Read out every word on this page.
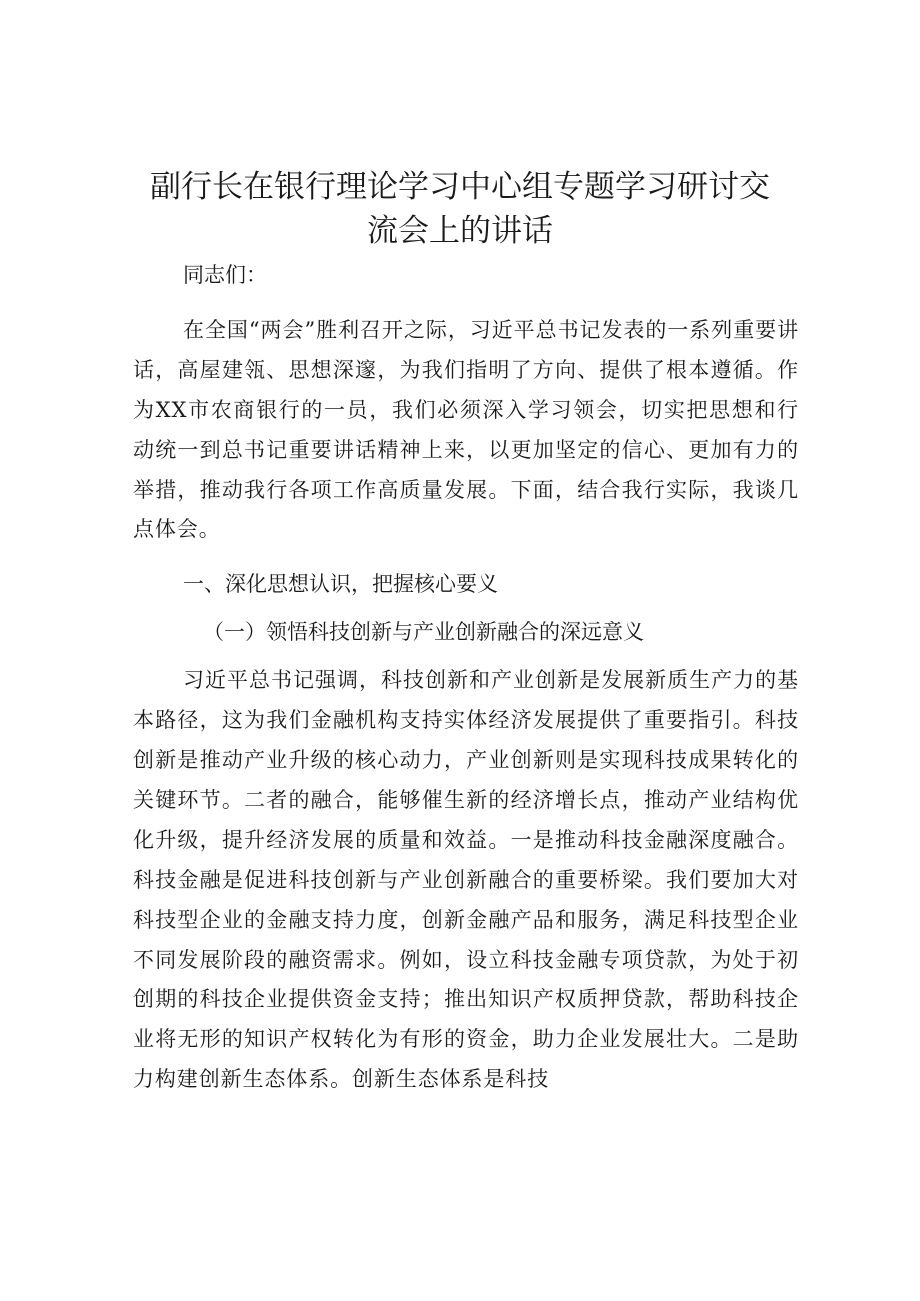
副行长在银行理论学习中心组专题学习研讨交
流会上的讲话

同志们：

在全国“两会”胜利召开之际，习近平总书记发表的一系列重要讲话，高屋建瓴、思想深邃，为我们指明了方向、提供了根本遵循。作为XX市农商银行的一员，我们必须深入学习领会，切实把思想和行动统一到总书记重要讲话精神上来，以更加坚定的信心、更加有力的举措，推动我行各项工作高质量发展。下面，结合我行实际，我谈几点体会。

一、深化思想认识，把握核心要义

（一）领悟科技创新与产业创新融合的深远意义

习近平总书记强调，科技创新和产业创新是发展新质生产力的基本路径，这为我们金融机构支持实体经济发展提供了重要指引。科技创新是推动产业升级的核心动力，产业创新则是实现科技成果转化的关键环节。二者的融合，能够催生新的经济增长点，推动产业结构优化升级，提升经济发展的质量和效益。一是推动科技金融深度融合。科技金融是促进科技创新与产业创新融合的重要桥梁。我们要加大对科技型企业的金融支持力度，创新金融产品和服务，满足科技型企业不同发展阶段的融资需求。例如，设立科技金融专项贷款，为处于初创期的科技企业提供资金支持；推出知识产权质押贷款，帮助科技企业将无形的知识产权转化为有形的资金，助力企业发展壮大。二是助力构建创新生态体系。创新生态体系是科技
